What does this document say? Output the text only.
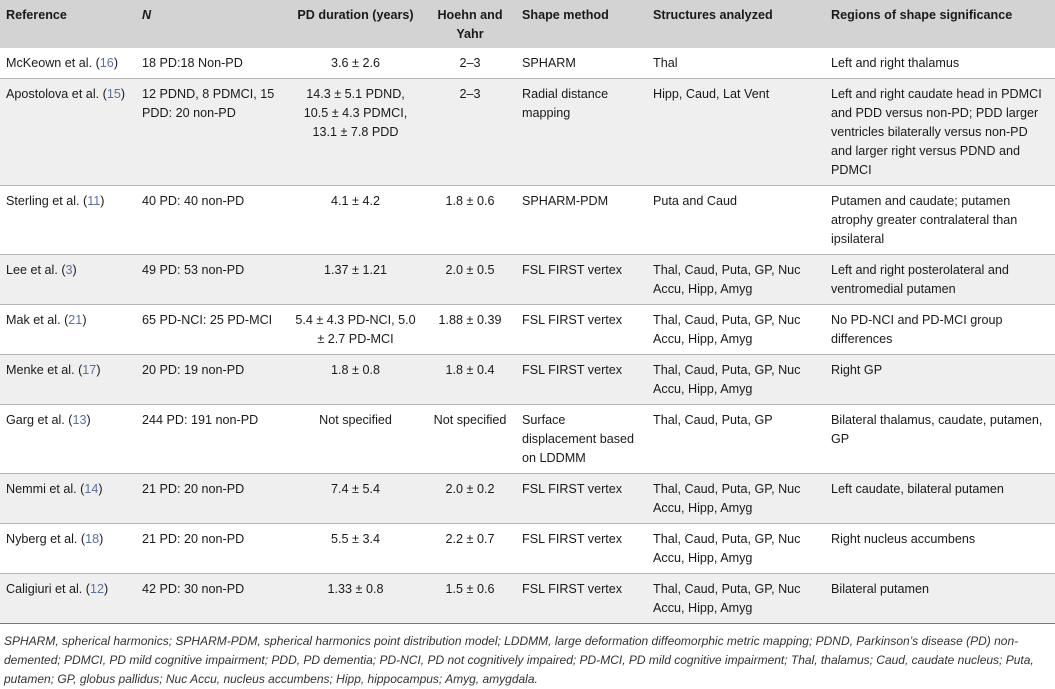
Reference	N	PD duration (years)	Hoehn and Yahr	Shape method	Structures analyzed	Regions of shape significance
McKeown et al. (16)	18 PD:18 Non-PD	3.6 ± 2.6	2–3	SPHARM	Thal	Left and right thalamus
Apostolova et al. (15)	12 PDND, 8 PDMCI, 15 PDD: 20 non-PD	14.3 ± 5.1 PDND, 10.5 ± 4.3 PDMCI, 13.1 ± 7.8 PDD	2–3	Radial distance mapping	Hipp, Caud, Lat Vent	Left and right caudate head in PDMCI and PDD versus non-PD; PDD larger ventricles bilaterally versus non-PD and larger right versus PDND and PDMCI
Sterling et al. (11)	40 PD: 40 non-PD	4.1 ± 4.2	1.8 ± 0.6	SPHARM-PDM	Puta and Caud	Putamen and caudate; putamen atrophy greater contralateral than ipsilateral
Lee et al. (3)	49 PD: 53 non-PD	1.37 ± 1.21	2.0 ± 0.5	FSL FIRST vertex	Thal, Caud, Puta, GP, Nuc Accu, Hipp, Amyg	Left and right posterolateral and ventromedial putamen
Mak et al. (21)	65 PD-NCI: 25 PD-MCI	5.4 ± 4.3 PD-NCI, 5.0 ± 2.7 PD-MCI	1.88 ± 0.39	FSL FIRST vertex	Thal, Caud, Puta, GP, Nuc Accu, Hipp, Amyg	No PD-NCI and PD-MCI group differences
Menke et al. (17)	20 PD: 19 non-PD	1.8 ± 0.8	1.8 ± 0.4	FSL FIRST vertex	Thal, Caud, Puta, GP, Nuc Accu, Hipp, Amyg	Right GP
Garg et al. (13)	244 PD: 191 non-PD	Not specified	Not specified	Surface displacement based on LDDMM	Thal, Caud, Puta, GP	Bilateral thalamus, caudate, putamen, GP
Nemmi et al. (14)	21 PD: 20 non-PD	7.4 ± 5.4	2.0 ± 0.2	FSL FIRST vertex	Thal, Caud, Puta, GP, Nuc Accu, Hipp, Amyg	Left caudate, bilateral putamen
Nyberg et al. (18)	21 PD: 20 non-PD	5.5 ± 3.4	2.2 ± 0.7	FSL FIRST vertex	Thal, Caud, Puta, GP, Nuc Accu, Hipp, Amyg	Right nucleus accumbens
Caligiuri et al. (12)	42 PD: 30 non-PD	1.33 ± 0.8	1.5 ± 0.6	FSL FIRST vertex	Thal, Caud, Puta, GP, Nuc Accu, Hipp, Amyg	Bilateral putamen
SPHARM, spherical harmonics; SPHARM-PDM, spherical harmonics point distribution model; LDDMM, large deformation diffeomorphic metric mapping; PDND, Parkinson’s disease (PD) non-demented; PDMCI, PD mild cognitive impairment; PDD, PD dementia; PD-NCI, PD not cognitively impaired; PD-MCI, PD mild cognitive impairment; Thal, thalamus; Caud, caudate nucleus; Puta, putamen; GP, globus pallidus; Nuc Accu, nucleus accumbens; Hipp, hippocampus; Amyg, amygdala.
